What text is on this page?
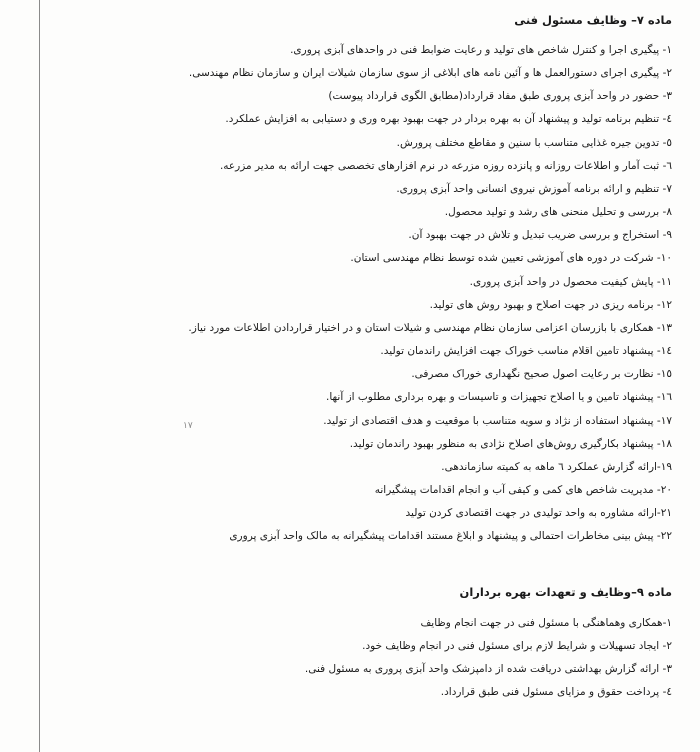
ماده ۷– وظایف مسئول فنی
۱- پیگیری اجرا و کنترل شاخص های تولید و رعایت ضوابط فنی در واحدهای آبزی پروری.
۲- پیگیری اجرای دستورالعمل ها و آئین نامه های ابلاغی از سوی سازمان شیلات ایران و سازمان نظام مهندسی.
۳- حضور در واحد آبزی پروری طبق مفاد قرارداد(مطابق الگوی قرارداد پیوست)
٤- تنظیم برنامه تولید و پیشنهاد آن به بهره بردار در جهت بهبود بهره وری و دستیابی به افزایش عملکرد.
٥- تدوین جیره غذایی متناسب با سنین و مقاطع مختلف پرورش.
٦- ثبت آمار و اطلاعات روزانه و پانزده روزه مزرعه در نرم افزارهای تخصصی جهت ارائه به مدیر مزرعه.
۷- تنظیم و ارائه برنامه آموزش نیروی انسانی واحد آبزی پروری.
۸- بررسی و تحلیل منحنی های رشد و تولید محصول.
۹- استخراج و بررسی ضریب تبدیل و تلاش در جهت بهبود آن.
۱۰- شرکت در دوره های آموزشی تعیین شده توسط نظام مهندسی استان.
۱۱- پایش کیفیت محصول در واحد آبزی پروری.
۱۲- برنامه ریزی در جهت اصلاح و بهبود روش های تولید.
۱۳- همکاری با بازرسان اعزامی سازمان نظام مهندسی و شیلات استان و در اختیار قراردادن اطلاعات مورد نیاز.
۱٤- پیشنهاد تامین اقلام مناسب خوراک جهت افزایش راندمان تولید.
۱٥- نظارت بر رعایت اصول صحیح نگهداری خوراک مصرفی.
۱٦- پیشنهاد تامین و یا اصلاح تجهیزات و تاسیسات و بهره برداری مطلوب از آنها.
۱۷- پیشنهاد استفاده از نژاد و سویه متناسب با موقعیت و هدف اقتصادی از تولید.
۱۸- پیشنهاد بکارگیری روش‌های اصلاح نژادی به منظور بهبود راندمان تولید.
۱۹-ارائه گزارش عملکرد ٦ ماهه به کمیته سازماندهی.
۲۰- مدیریت شاخص های کمی و کیفی آب و انجام اقدامات پیشگیرانه
۲۱-ارائه مشاوره به واحد تولیدی در جهت اقتصادی کردن تولید
۲۲- پیش بینی مخاطرات احتمالی و پیشنهاد و ابلاغ مستند اقدامات پیشگیرانه به مالک واحد آبزی پروری
۱۷
ماده ۹–وظایف و تعهدات بهره برداران
۱-همکاری وهماهنگی با مسئول فنی در جهت انجام وظایف
۲- ایجاد تسهیلات و شرایط لازم برای مسئول فنی در انجام وظایف خود.
۳- ارائه گزارش بهداشتی دریافت شده از دامپزشک واحد آبزی پروری به مسئول فنی.
٤- پرداخت حقوق و مزایای مسئول فنی طبق قرارداد.
